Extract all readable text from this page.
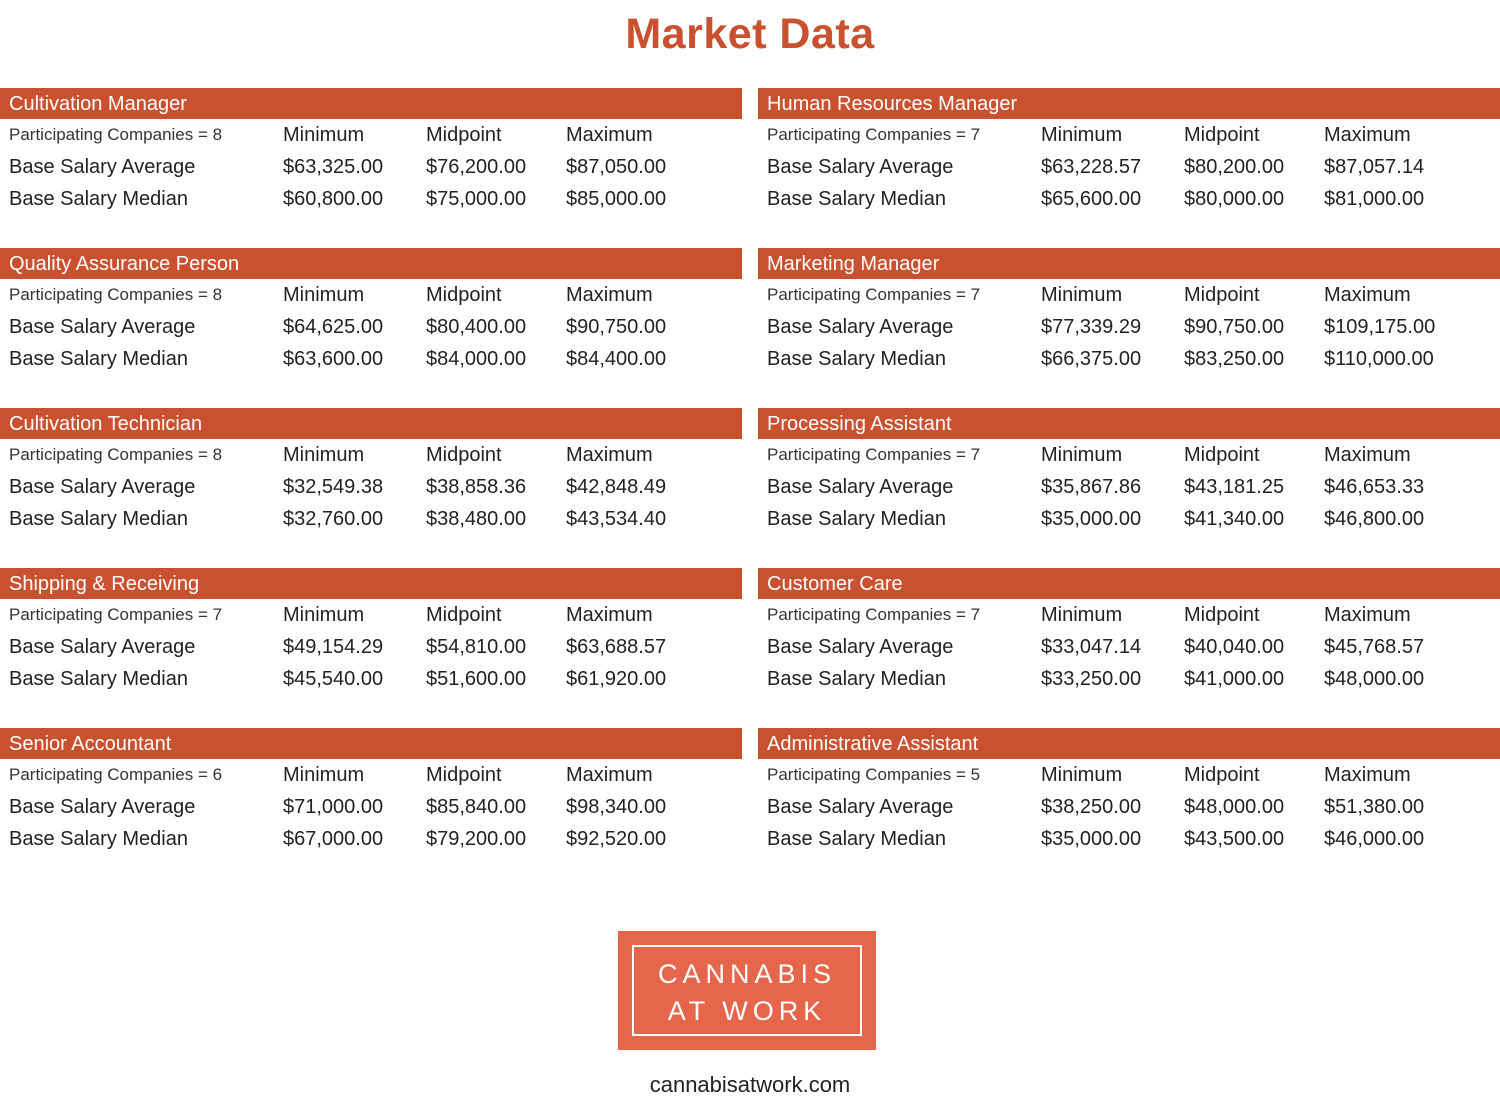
Market Data
Cultivation Manager
Participating Companies = 8	Minimum	Midpoint	Maximum
Base Salary Average	$63,325.00 $76,200.00 $87,050.00
Base Salary Median	$60,800.00 $75,000.00 $85,000.00
Human Resources Manager
Participating Companies = 7	Minimum	Midpoint	Maximum
Base Salary Average	$63,228.57 $80,200.00 $87,057.14
Base Salary Median	$65,600.00 $80,000.00 $81,000.00
Quality Assurance Person
Participating Companies = 8	Minimum	Midpoint	Maximum
Base Salary Average	$64,625.00 $80,400.00 $90,750.00
Base Salary Median	$63,600.00 $84,000.00 $84,400.00
Marketing Manager
Participating Companies = 7	Minimum	Midpoint	Maximum
Base Salary Average	$77,339.29 $90,750.00 $109,175.00
Base Salary Median	$66,375.00 $83,250.00 $110,000.00
Cultivation Technician
Participating Companies = 8	Minimum	Midpoint	Maximum
Base Salary Average	$32,549.38 $38,858.36 $42,848.49
Base Salary Median	$32,760.00 $38,480.00 $43,534.40
Processing Assistant
Participating Companies = 7	Minimum	Midpoint	Maximum
Base Salary Average	$35,867.86 $43,181.25 $46,653.33
Base Salary Median	$35,000.00 $41,340.00 $46,800.00
Shipping & Receiving
Participating Companies = 7	Minimum	Midpoint	Maximum
Base Salary Average	$49,154.29 $54,810.00 $63,688.57
Base Salary Median	$45,540.00 $51,600.00 $61,920.00
Customer Care
Participating Companies = 7	Minimum	Midpoint	Maximum
Base Salary Average	$33,047.14 $40,040.00 $45,768.57
Base Salary Median	$33,250.00 $41,000.00 $48,000.00
Senior Accountant
Participating Companies = 6	Minimum	Midpoint	Maximum
Base Salary Average	$71,000.00 $85,840.00 $98,340.00
Base Salary Median	$67,000.00 $79,200.00 $92,520.00
Administrative Assistant
Participating Companies = 5	Minimum	Midpoint	Maximum
Base Salary Average	$38,250.00 $48,000.00 $51,380.00
Base Salary Median	$35,000.00 $43,500.00 $46,000.00
CANNABIS
AT WORK
cannabisatwork.com
